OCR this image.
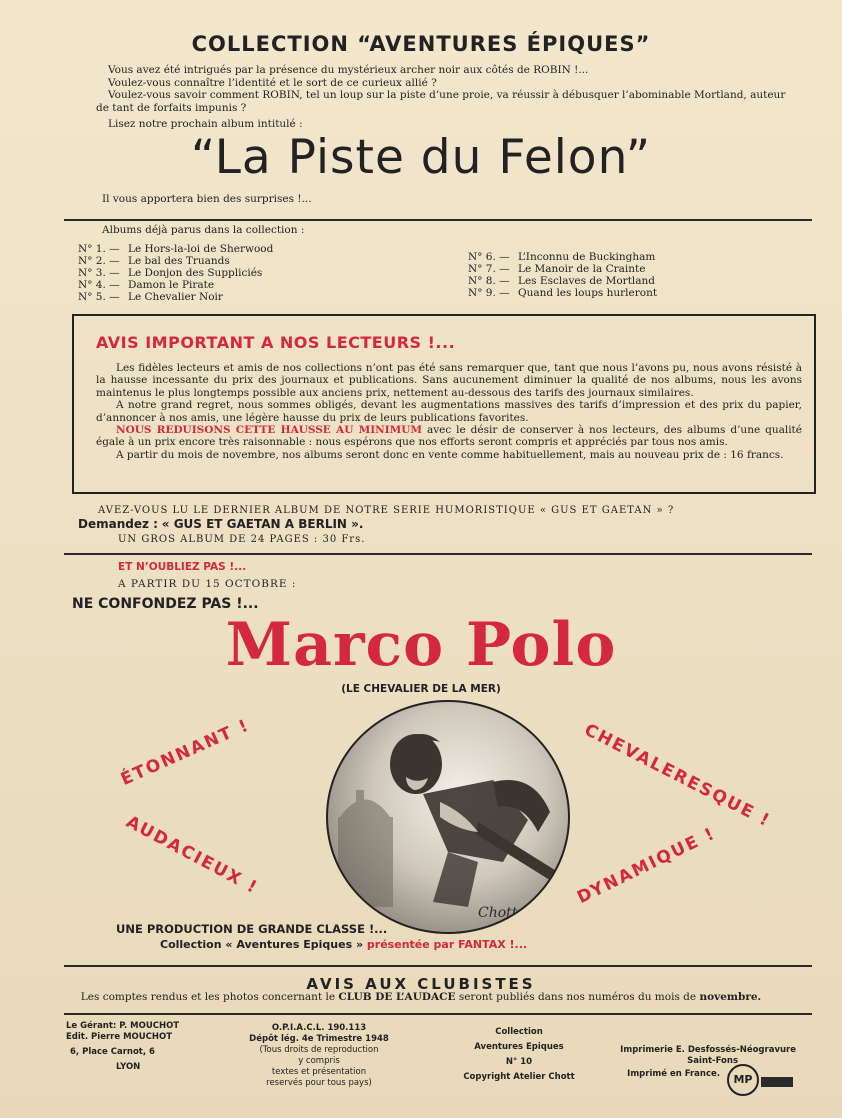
COLLECTION “AVENTURES ÉPIQUES”
Vous avez été intrigués par la présence du mystérieux archer noir aux côtés de ROBIN !...
Voulez-vous connaître l’identité et le sort de ce curieux allié ?
Voulez-vous savoir comment ROBIN, tel un loup sur la piste d’une proie, va réussir à débusquer l’abominable Mortland, auteur
de tant de forfaits impunis ?
Lisez notre prochain album intitulé :
“La Piste du Felon”
Il vous apportera bien des surprises !...
Albums déjà parus dans la collection :
N° 1. — Le Hors-la-loi de Sherwood
N° 2. — Le bal des Truands
N° 3. — Le Donjon des Suppliciés
N° 4. — Damon le Pirate
N° 5. — Le Chevalier Noir
N° 6. — L’Inconnu de Buckingham
N° 7. — Le Manoir de la Crainte
N° 8. — Les Esclaves de Mortland
N° 9. — Quand les loups hurleront
AVIS IMPORTANT A NOS LECTEURS !...

Les fidèles lecteurs et amis de nos collections n’ont pas été sans remarquer que, tant que nous l’avons pu, nous avons résisté à la hausse incessante du prix des journaux et publications. Sans aucunement diminuer la qualité de nos albums, nous les avons maintenus le plus longtemps possible aux anciens prix, nettement au-dessous des tarifs des journaux similaires.

A notre grand regret, nous sommes obligés, devant les augmentations massives des tarifs d’impression et des prix du papier, d’annoncer à nos amis, une légère hausse du prix de leurs publications favorites.

NOUS REDUISONS CETTE HAUSSE AU MINIMUM avec le désir de conserver à nos lecteurs, des albums d’une qualité égale à un prix encore très raisonnable : nous espérons que nos efforts seront compris et appréciés par tous nos amis.

A partir du mois de novembre, nos albums seront donc en vente comme habituellement, mais au nouveau prix de : 16 francs.

AVEZ-VOUS LU LE DERNIER ALBUM DE NOTRE SERIE HUMORISTIQUE « GUS ET GAETAN » ?
Demandez : « GUS ET GAETAN A BERLIN ».
UN GROS ALBUM DE 24 PAGES : 30 Frs.
ET N’OUBLIEZ PAS !...
A PARTIR DU 15 OCTOBRE :
NE CONFONDEZ PAS !...
Marco Polo
(LE CHEVALIER DE LA MER)
Chott
ÉTONNANT !
AUDACIEUX !
CHEVALERESQUE !
DYNAMIQUE !
UNE PRODUCTION DE GRANDE CLASSE !...
Collection « Aventures Epiques » présentée par FANTAX !...
AVIS AUX CLUBISTES
Les comptes rendus et les photos concernant le CLUB DE L’AUDACE seront publiés dans nos numéros du mois de novembre.
Le Gérant: P. MOUCHOT
Edit. Pierre MOUCHOT
6, Place Carnot, 6
LYON
O.P.I.A.C.L. 190.113
Dépôt lég. 4e Trimestre 1948
(Tous droits de reproduction
y compris
textes et présentation
reservés pour tous pays)
Collection
Aventures Epiques
N° 10
Copyright Atelier Chott
Imprimerie E. Desfossés-Néogravure
Saint-Fons
Imprimé en France.	MP
